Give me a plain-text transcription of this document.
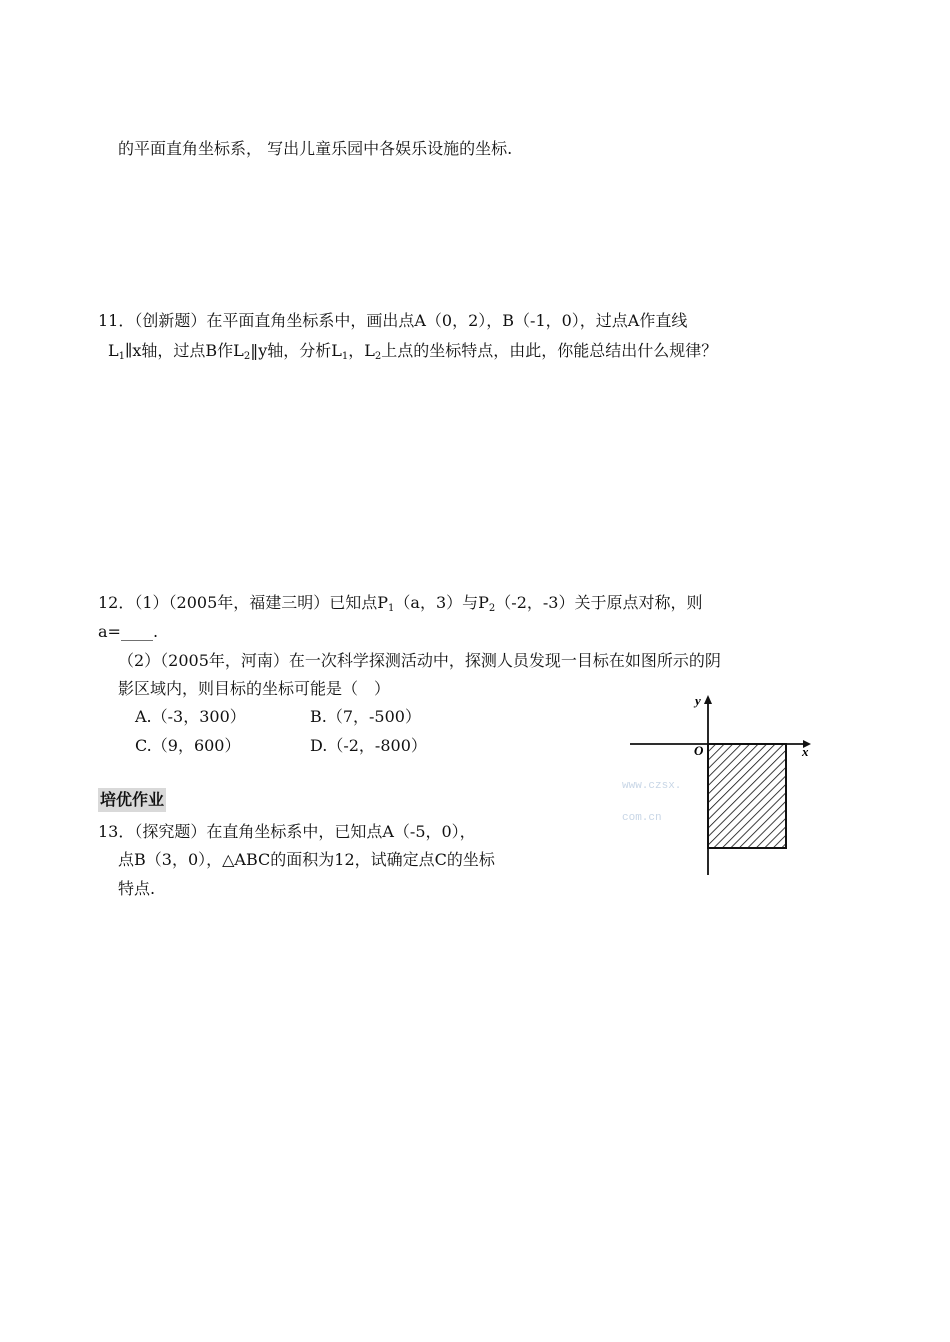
的平面直角坐标系， 写出儿童乐园中各娱乐设施的坐标.
11．（创新题）在平面直角坐标系中，画出点A（0，2），B（-1，0），过点A作直线
$L_1\parallel x$轴，过点B作$L_2‖y$轴，分析$L_1$，$L_2$上点的坐标特点，由此，你能总结出什么规律？
12．（1）（2005年，福建三明）已知点$P_1(a$，3）与$P_2(-2$，-3）关于原点对称，则
a=____.
（2）（2005年，河南）在一次科学探测活动中，探测人员发现一目标在如图所示的阴
影区域内，则目标的坐标可能是（　）
A.（-3，300）	B.（7，-500）
C.（9，600）	D.（-2，-800）
培优作业
13．（探究题）在直角坐标系中，已知点A（-5，0），
点B（3，0），△ABC的面积为12，试确定点C的坐标
特点.
www.czsx.
com.cn
y
x
O
